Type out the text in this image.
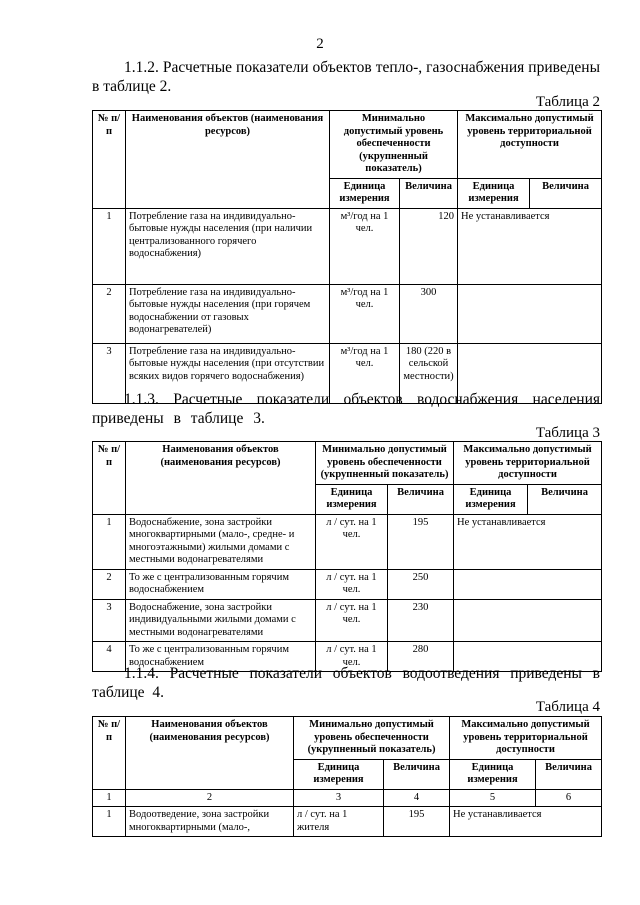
2
1.1.2. Расчетные показатели объектов тепло-, газоснабжения приведены в таблице 2.
Таблица 2
№ п/п	Наименования объектов (наименования ресурсов)	Минимально допустимый уровень обеспеченности (укрупненный показатель)		Максимально допустимый уровень территориальной доступности	
		Единица измерения	Величина	Единица измерения	Величина
1	Потребление газа на индивидуально-бытовые нужды населения (при наличии централизованного горячего водоснабжения)	м³/год на 1 чел.	120	Не устанавливается	
2	Потребление газа на индивидуально-бытовые нужды населения (при горячем водоснабжении от газовых водонагревателей)	м³/год на 1 чел.	300		
3	Потребление газа на индивидуально-бытовые нужды населения (при отсутствии всяких видов горячего водоснабжения)	м³/год на 1 чел.	180 (220 в сельской местности)		
1.1.3. Расчетные показатели объектов водоснабжения населения приведены в таблице 3.
Таблица 3
№ п/п	Наименования объектов (наименования ресурсов)	Минимально допустимый уровень обеспеченности (укрупненный показатель)		Максимально допустимый уровень территориальной доступности	
		Единица измерения	Величина	Единица измерения	Величина
1	Водоснабжение, зона застройки многоквартирными (мало-, средне- и многоэтажными) жилыми домами с местными водонагревателями	л / сут. на 1 чел.	195	Не устанавливается	
2	То же с централизованным горячим водоснабжением	л / сут. на 1 чел.	250		
3	Водоснабжение, зона застройки индивидуальными жилыми домами с местными водонагревателями	л / сут. на 1 чел.	230		
4	То же с централизованным горячим водоснабжением	л / сут. на 1 чел.	280		
1.1.4. Расчетные показатели объектов водоотведения приведены в таблице 4.
Таблица 4
№ п/п	Наименования объектов (наименования ресурсов)	Минимально допустимый уровень обеспеченности (укрупненный показатель)		Максимально допустимый уровень территориальной доступности	
		Единица измерения	Величина	Единица измерения	Величина
1	2	3	4	5	6
1	Водоотведение, зона застройки многоквартирными (мало-,	л / сут. на 1 жителя	195	Не устанавливается	
